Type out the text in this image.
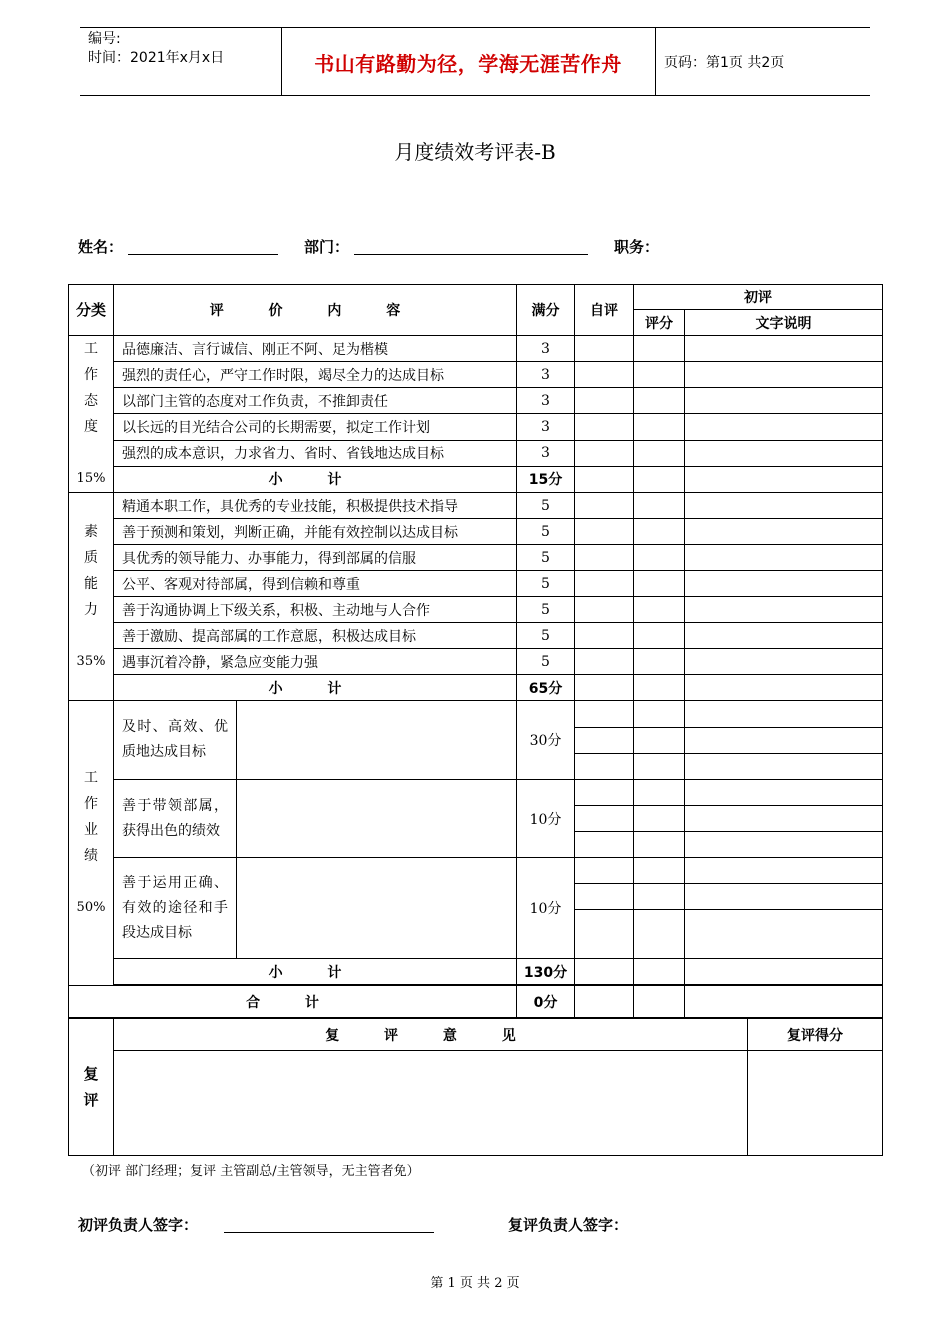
编号:
时间：2021年x月x日	书山有路勤为径，学海无涯苦作舟	页码：第1页 共2页
月度绩效考评表-B
姓名：	部门：	职务：
分类	评 价 内 容		满分	自评	初评	
					评分	文字说明

工作态度
15%	品德廉洁、言行诚信、刚正不阿、足为楷模		3			
	强烈的责任心，严守工作时限，竭尽全力的达成目标		3			
	以部门主管的态度对工作负责，不推卸责任		3			
	以长远的目光结合公司的长期需要，拟定工作计划		3			
	强烈的成本意识，力求省力、省时、省钱地达成目标		3			
	小 计		15分			

素质能力
35%	精通本职工作，具优秀的专业技能，积极提供技术指导		5			
	善于预测和策划，判断正确，并能有效控制以达成目标		5			
	具优秀的领导能力、办事能力，得到部属的信服		5			
	公平、客观对待部属，得到信赖和尊重		5			
	善于沟通协调上下级关系，积极、主动地与人合作		5			
	善于激励、提高部属的工作意愿，积极达成目标		5			
	遇事沉着冷静，紧急应变能力强		5			
	小 计		65分			

工作业绩
50%	及时、高效、优质地达成目标		30分			

	善于带领部属，获得出色的绩效		10分			

	善于运用正确、有效的途径和手段达成目标		10分			

	小 计		130分			

合 计			0分			
复评	复 评 意 见	复评得分

（初评 部门经理；复评 主管副总/主管领导，无主管者免）
初评负责人签字：	复评负责人签字：
第 1 页 共 2 页
